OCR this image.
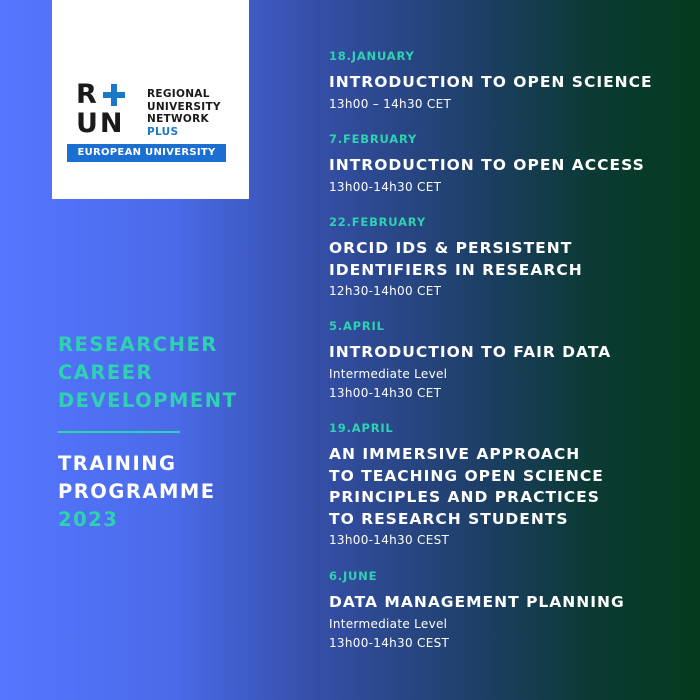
R
UN
REGIONAL
UNIVERSITY
NETWORK
PLUS
EUROPEAN UNIVERSITY
RESEARCHER
CAREER
DEVELOPMENT
TRAINING
PROGRAMME
2023
18.JANUARY
INTRODUCTION TO OPEN SCIENCE
13h00 – 14h30 CET
7.FEBRUARY
INTRODUCTION TO OPEN ACCESS
13h00-14h30 CET
22.FEBRUARY
ORCID IDS & PERSISTENT
IDENTIFIERS IN RESEARCH
12h30-14h00 CET
5.APRIL
INTRODUCTION TO FAIR DATA
Intermediate Level
13h00-14h30 CET
19.APRIL
AN IMMERSIVE APPROACH
TO TEACHING OPEN SCIENCE
PRINCIPLES AND PRACTICES
TO RESEARCH STUDENTS
13h00-14h30 CEST
6.JUNE
DATA MANAGEMENT PLANNING
Intermediate Level
13h00-14h30 CEST
